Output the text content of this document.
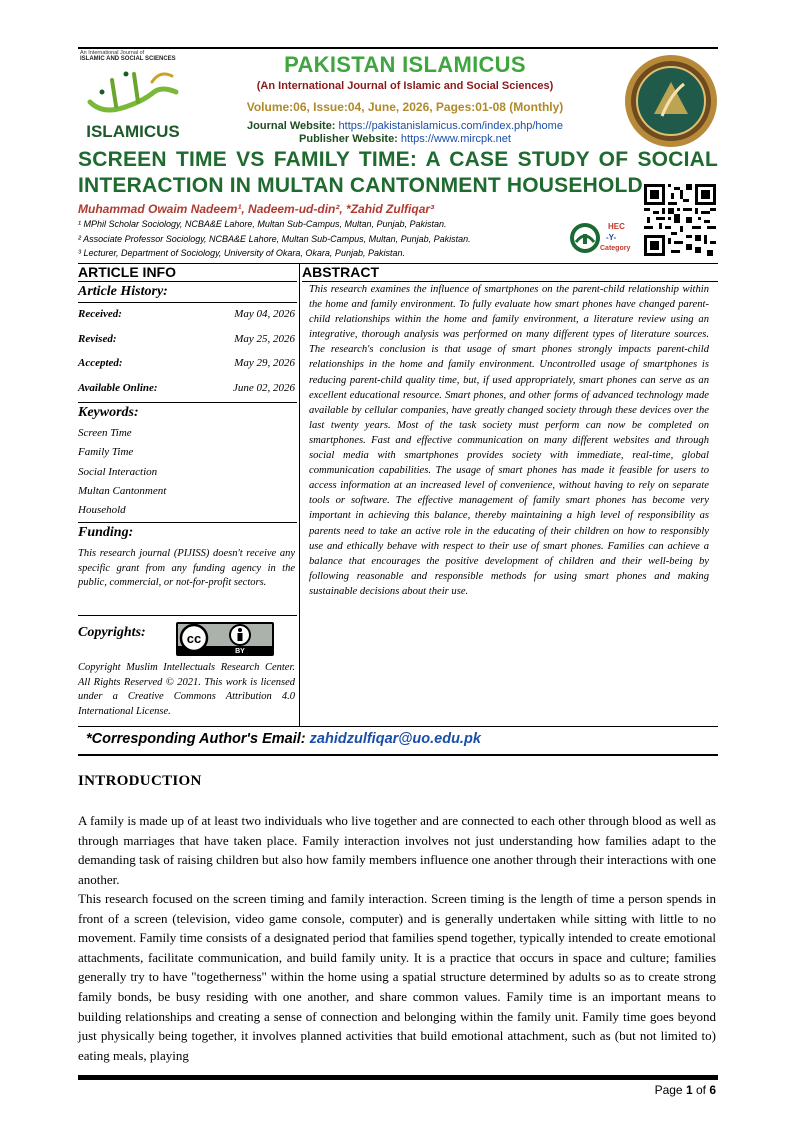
An International Journal of
ISLAMIC AND SOCIAL SCIENCES
ISLAMICUS
PAKISTAN ISLAMICUS
(An International Journal of Islamic and Social Sciences)
Volume:06, Issue:04, June, 2026, Pages:01-08 (Monthly)
Journal Website: https://pakistanislamicus.com/index.php/home
Publisher Website: https://www.mircpk.net
SCREEN TIME VS FAMILY TIME: A CASE STUDY OF SOCIAL INTERACTION IN MULTAN CANTONMENT HOUSEHOLD
Muhammad Owaim Nadeem¹, Nadeem-ud-din², *Zahid Zulfiqar³
¹ MPhil Scholar Sociology, NCBA&E Lahore, Multan Sub-Campus, Multan, Punjab, Pakistan.
² Associate Professor Sociology, NCBA&E Lahore, Multan Sub-Campus, Multan, Punjab, Pakistan.
³ Lecturer, Department of Sociology, University of Okara, Okara, Punjab, Pakistan.
HEC
-Y-
Category
ARTICLE INFO	ABSTRACT
Article History:
Received:	May 04, 2026
Revised:	May 25, 2026
Accepted:	May 29, 2026
Available Online:	June 02, 2026
Keywords:
Screen Time
Family Time
Social Interaction
Multan Cantonment
Household
Funding:
This research journal (PIJISS) doesn't receive any specific grant from any funding agency in the public, commercial, or not-for-profit sectors.
Copyrights:	cc
BY
Copyright Muslim Intellectuals Research Center. All Rights Reserved © 2021. This work is licensed under a Creative Commons Attribution 4.0 International License.
This research examines the influence of smartphones on the parent-child relationship within the home and family environment. To fully evaluate how smart phones have changed parent-child relationships within the home and family environment, a literature review using an integrative, thorough analysis was performed on many different types of literature sources. The research's conclusion is that usage of smart phones strongly impacts parent-child relationships in the home and family environment. Uncontrolled usage of smartphones is reducing parent-child quality time, but, if used appropriately, smart phones can serve as an excellent educational resource. Smart phones, and other forms of advanced technology made available by cellular companies, have greatly changed society through these devices over the last twenty years. Most of the task society must perform can now be completed on smartphones. Fast and effective communication on many different websites and through social media with smartphones provides society with immediate, real-time, global communication capabilities. The usage of smart phones has made it feasible for users to access information at an increased level of convenience, without having to rely on separate tools or software. The effective management of family smart phones has become very important in achieving this balance, thereby maintaining a high level of responsibility as parents need to take an active role in the educating of their children on how to responsibly use and ethically behave with respect to their use of smart phones. Families can achieve a balance that encourages the positive development of children and their well-being by following reasonable and responsible methods for using smart phones and making sustainable decisions about their use.
*Corresponding Author's Email: zahidzulfiqar@uo.edu.pk
INTRODUCTION
A family is made up of at least two individuals who live together and are connected to each other through blood as well as through marriages that have taken place. Family interaction involves not just understanding how families adapt to the demanding task of raising children but also how family members influence one another through their interactions with one another.
This research focused on the screen timing and family interaction. Screen timing is the length of time a person spends in front of a screen (television, video game console, computer) and is generally undertaken while sitting with little to no movement. Family time consists of a designated period that families spend together, typically intended to create emotional attachments, facilitate communication, and build family unity. It is a practice that occurs in space and culture; families generally try to have "togetherness" within the home using a spatial structure determined by adults so as to create strong family bonds, be busy residing with one another, and share common values. Family time is an important means to building relationships and creating a sense of connection and belonging within the family unit. Family time goes beyond just physically being together, it involves planned activities that build emotional attachment, such as (but not limited to) eating meals, playing
Page 1 of 6
